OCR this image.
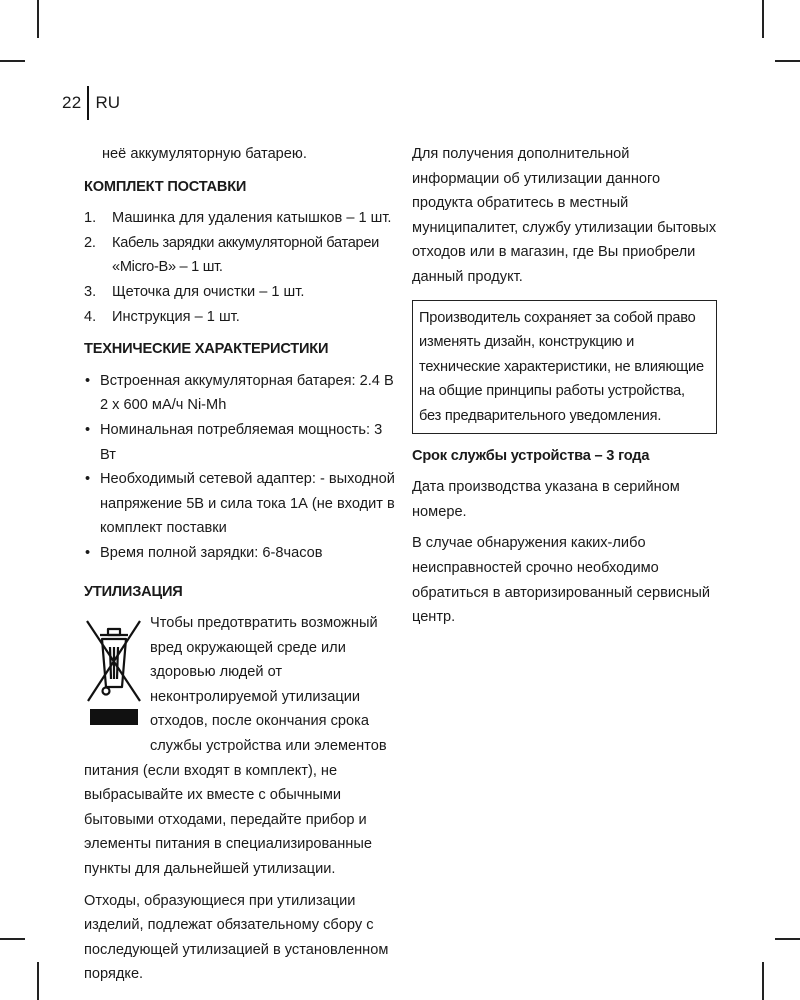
22 RU

неё аккумуляторную батарею.

КОМПЛЕКТ ПОСТАВКИ

1. Машинка для удаления катышков – 1 шт.
2. Кабель зарядки аккумуляторной батареи «Micro-B» – 1 шт.
3. Щеточка для очистки – 1 шт.
4. Инструкция – 1 шт.

ТЕХНИЧЕСКИЕ ХАРАКТЕРИСТИКИ

• Встроенная аккумуляторная батарея: 2.4 В 2 х 600 мА/ч Ni-Mh
• Номинальная потребляемая мощность: 3 Вт
• Необходимый сетевой адаптер: - выходной напряжение 5В и сила тока 1А (не входит в комплект поставки
• Время полной зарядки: 6-8часов

УТИЛИЗАЦИЯ

Чтобы предотвратить возможный вред окружающей среде или здоровью людей от неконтролируемой утилизации отходов, после окончания срока службы устройства или элементов питания (если входят в комплект), не выбрасывайте их вместе с обычными бытовыми отходами, передайте прибор и элементы питания в специализированные пункты для дальнейшей утилизации.

Отходы, образующиеся при утилизации изделий, подлежат обязательному сбору с последующей утилизацией в установленном порядке.

Для получения дополнительной информации об утилизации данного продукта обратитесь в местный муниципалитет, службу утилизации бытовых отходов или в магазин, где Вы приобрели данный продукт.

Производитель сохраняет за собой право изменять дизайн, конструкцию и технические характеристики, не влияющие на общие принципы работы устройства, без предварительного уведомления.

Срок службы устройства – 3 года

Дата производства указана в серийном номере.

В случае обнаружения каких-либо неисправностей срочно необходимо обратиться в авторизированный сервисный центр.
